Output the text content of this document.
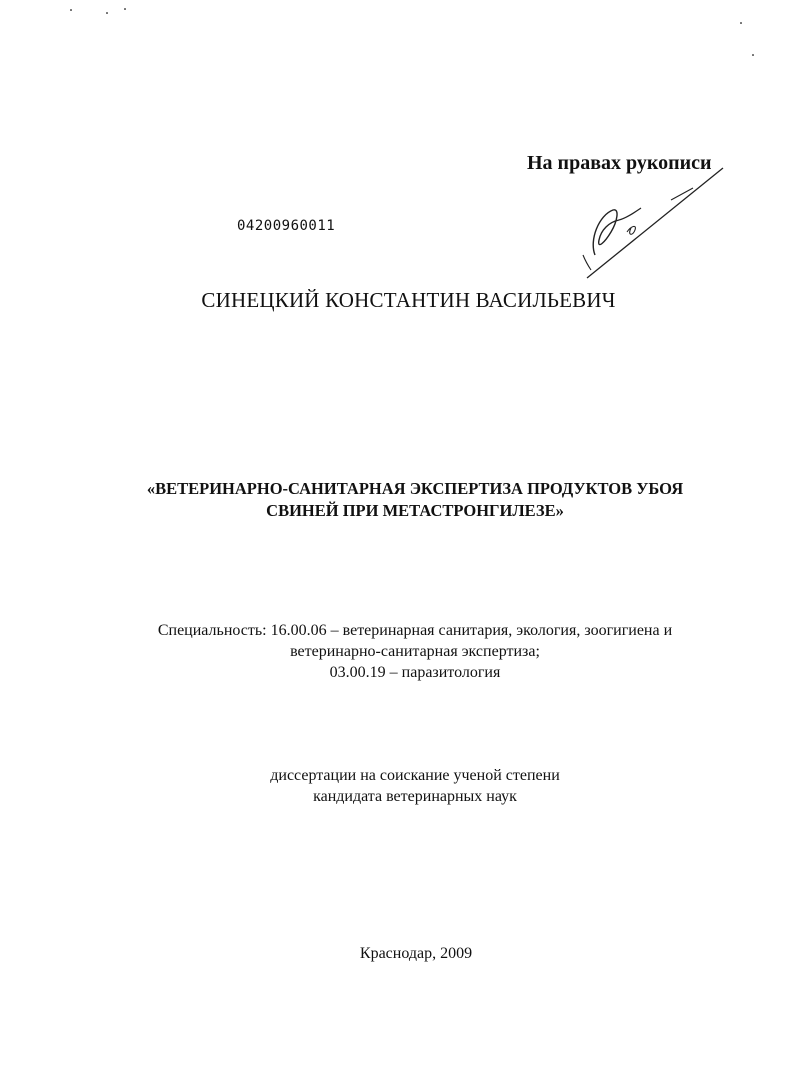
На правах рукописи
04200960011
СИНЕЦКИЙ КОНСТАНТИН ВАСИЛЬЕВИЧ
«ВЕТЕРИНАРНО-САНИТАРНАЯ ЭКСПЕРТИЗА ПРОДУКТОВ УБОЯ
СВИНЕЙ ПРИ МЕТАСТРОНГИЛЕЗЕ»
Специальность: 16.00.06 – ветеринарная санитария, экология, зоогигиена и
ветеринарно-санитарная экспертиза;
03.00.19 – паразитология
диссертации на соискание ученой степени
кандидата ветеринарных наук
Краснодар, 2009
